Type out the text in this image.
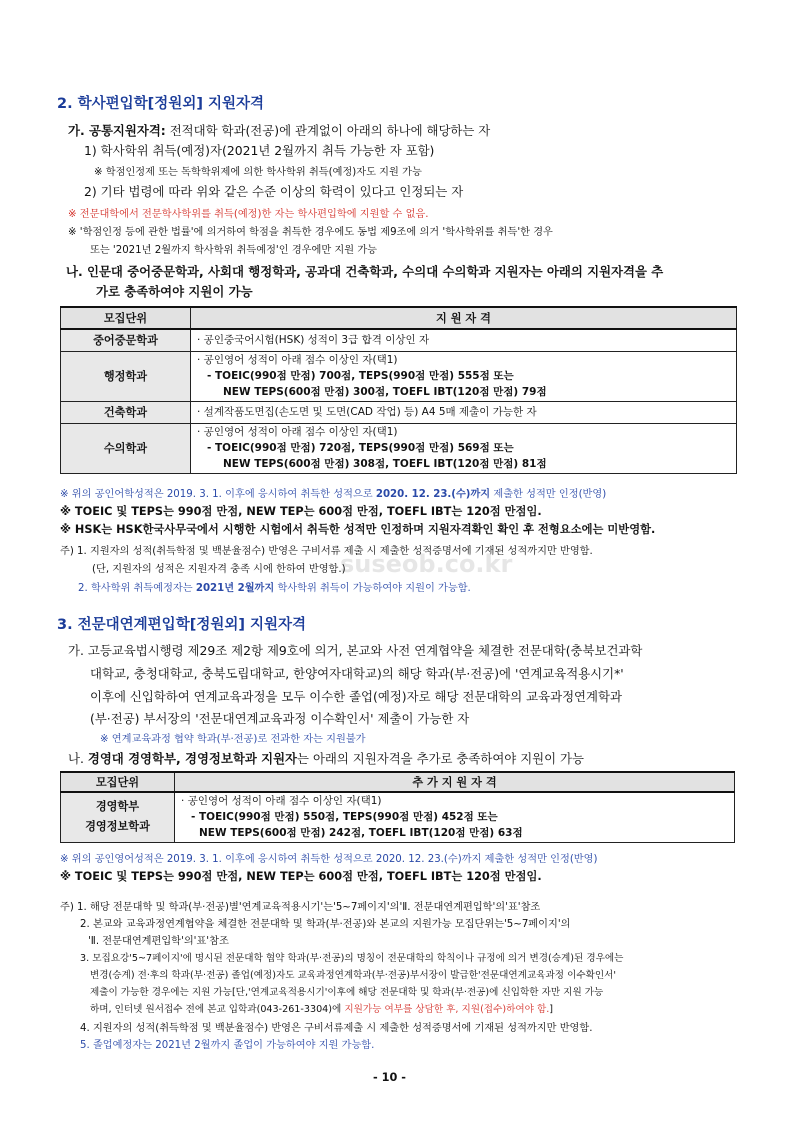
suseob.co.kr
2. 학사편입학[정원외] 지원자격
가. 공통지원자격: 전적대학 학과(전공)에 관계없이 아래의 하나에 해당하는 자
1) 학사학위 취득(예정)자(2021년 2월까지 취득 가능한 자 포함)
※ 학점인정제 또는 독학학위제에 의한 학사학위 취득(예정)자도 지원 가능
2) 기타 법령에 따라 위와 같은 수준 이상의 학력이 있다고 인정되는 자
※ 전문대학에서 전문학사학위를 취득(예정)한 자는 학사편입학에 지원할 수 없음.
※ '학점인정 등에 관한 법률'에 의거하여 학점을 취득한 경우에도 동법 제9조에 의거 '학사학위를 취득'한 경우
또는 '2021년 2월까지 학사학위 취득예정'인 경우에만 지원 가능
나. 인문대 중어중문학과, 사회대 행정학과, 공과대 건축학과, 수의대 수의학과 지원자는 아래의 지원자격을 추
가로 충족하여야 지원이 가능
모집단위	지 원 자 격
중어중문학과	· 공인중국어시험(HSK) 성적이 3급 합격 이상인 자

행정학과	· 공인영어 성적이 아래 점수 이상인 자(택1)
- TOEIC(990점 만점) 700점, TEPS(990점 만점) 555점 또는
NEW TEPS(600점 만점) 300점, TOEFL IBT(120점 만점) 79점

건축학과	· 설계작품도면집(손도면 및 도면(CAD 작업) 등) A4 5매 제출이 가능한 자

수의학과	· 공인영어 성적이 아래 점수 이상인 자(택1)
- TOEIC(990점 만점) 720점, TEPS(990점 만점) 569점 또는
NEW TEPS(600점 만점) 308점, TOEFL IBT(120점 만점) 81점
※ 위의 공인어학성적은 2019. 3. 1. 이후에 응시하여 취득한 성적으로 2020. 12. 23.(수)까지 제출한 성적만 인정(반영)
※ TOEIC 및 TEPS는 990점 만점, NEW TEP는 600점 만점, TOEFL IBT는 120점 만점임.
※ HSK는 HSK한국사무국에서 시행한 시험에서 취득한 성적만 인정하며 지원자격확인 확인 후 전형요소에는 미반영함.
주) 1. 지원자의 성적(취득학점 및 백분율점수) 반영은 구비서류 제출 시 제출한 성적증명서에 기재된 성적까지만 반영함.
(단, 지원자의 성적은 지원자격 충족 시에 한하여 반영함.)
2. 학사학위 취득예정자는 2021년 2월까지 학사학위 취득이 가능하여야 지원이 가능함.
3. 전문대연계편입학[정원외] 지원자격
가. 고등교육법시행령 제29조 제2항 제9호에 의거, 본교와 사전 연계협약을 체결한 전문대학(충북보건과학
대학교, 충청대학교, 충북도립대학교, 한양여자대학교)의 해당 학과(부·전공)에 '연계교육적용시기*'
이후에 신입학하여 연계교육과정을 모두 이수한 졸업(예정)자로 해당 전문대학의 교육과정연계학과
(부·전공) 부서장의 '전문대연계교육과정 이수확인서' 제출이 가능한 자
※ 연계교육과정 협약 학과(부·전공)로 전과한 자는 지원불가
나. 경영대 경영학부, 경영정보학과 지원자는 아래의 지원자격을 추가로 충족하여야 지원이 가능
모집단위	추 가 지 원 자 격

경영학부
경영정보학과	· 공인영어 성적이 아래 점수 이상인 자(택1)
- TOEIC(990점 만점) 550점, TEPS(990점 만점) 452점 또는
NEW TEPS(600점 만점) 242점, TOEFL IBT(120점 만점) 63점
※ 위의 공인영어성적은 2019. 3. 1. 이후에 응시하여 취득한 성적으로 2020. 12. 23.(수)까지 제출한 성적만 인정(반영)
※ TOEIC 및 TEPS는 990점 만점, NEW TEP는 600점 만점, TOEFL IBT는 120점 만점임.
주) 1. 해당 전문대학 및 학과(부·전공)별'연계교육적용시기'는'5~7페이지'의'Ⅱ. 전문대연계편입학'의'표'참조
2. 본교와 교육과정연계협약을 체결한 전문대학 및 학과(부·전공)와 본교의 지원가능 모집단위는'5~7페이지'의
'Ⅱ. 전문대연계편입학'의'표'참조
3. 모집요강'5~7페이지'에 명시된 전문대학 협약 학과(부·전공)의 명칭이 전문대학의 학칙이나 규정에 의거 변경(승계)된 경우에는
변경(승계) 전·후의 학과(부·전공) 졸업(예정)자도 교육과정연계학과(부·전공)부서장이 발급한'전문대연계교육과정 이수확인서'
제출이 가능한 경우에는 지원 가능[단,'연계교육적용시기'이후에 해당 전문대학 및 학과(부·전공)에 신입학한 자만 지원 가능
하며, 인터넷 원서접수 전에 본교 입학과(043-261-3304)에 지원가능 여부를 상담한 후, 지원(접수)하여야 함.]
4. 지원자의 성적(취득학점 및 백분율점수) 반영은 구비서류제출 시 제출한 성적증명서에 기재된 성적까지만 반영함.
5. 졸업예정자는 2021년 2월까지 졸업이 가능하여야 지원 가능함.
- 10 -
